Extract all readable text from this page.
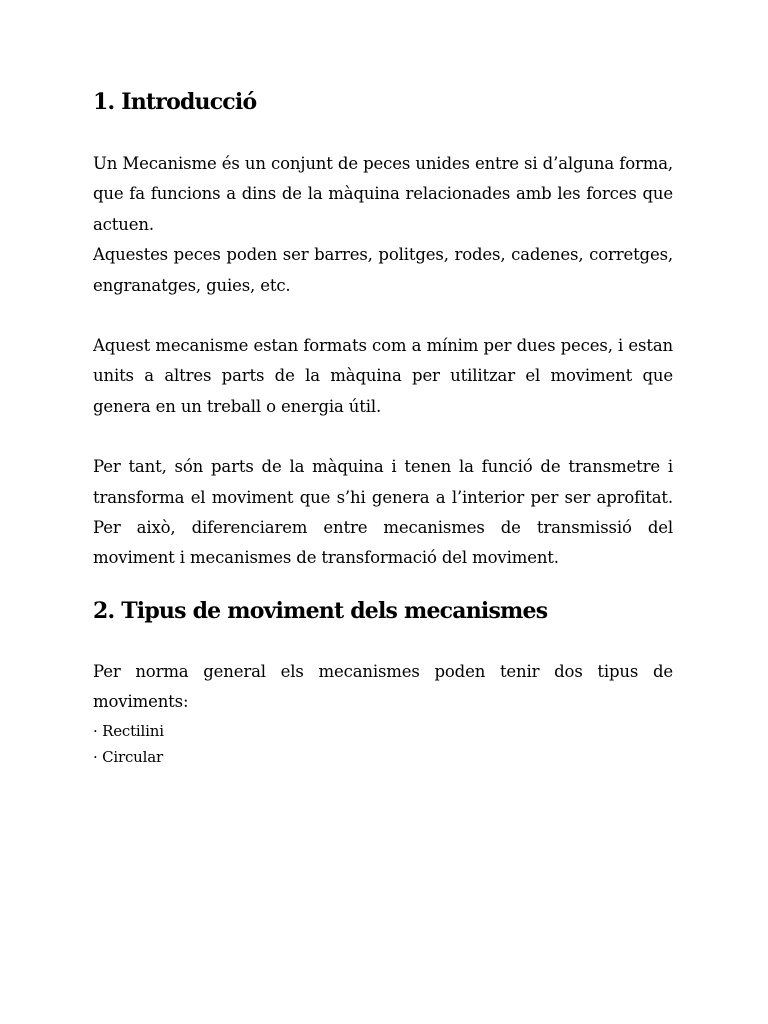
1. Introducció

Un Mecanisme és un conjunt de peces unides entre si d’alguna forma, que fa funcions a dins de la màquina relacionades amb les forces que actuen.

Aquestes peces poden ser barres, politges, rodes, cadenes, corretges, engranatges, guies, etc.

Aquest mecanisme estan formats com a mínim per dues peces, i estan units a altres parts de la màquina per utilitzar el moviment que genera en un treball o energia útil.

Per tant, són parts de la màquina i tenen la funció de transmetre i transforma el moviment que s’hi genera a l’interior per ser aprofitat. Per això, diferenciarem entre mecanismes de transmissió del moviment i mecanismes de transformació del moviment.

2. Tipus de moviment dels mecanismes

Per norma general els mecanismes poden tenir dos tipus de moviments:

· Rectilini
· Circular
